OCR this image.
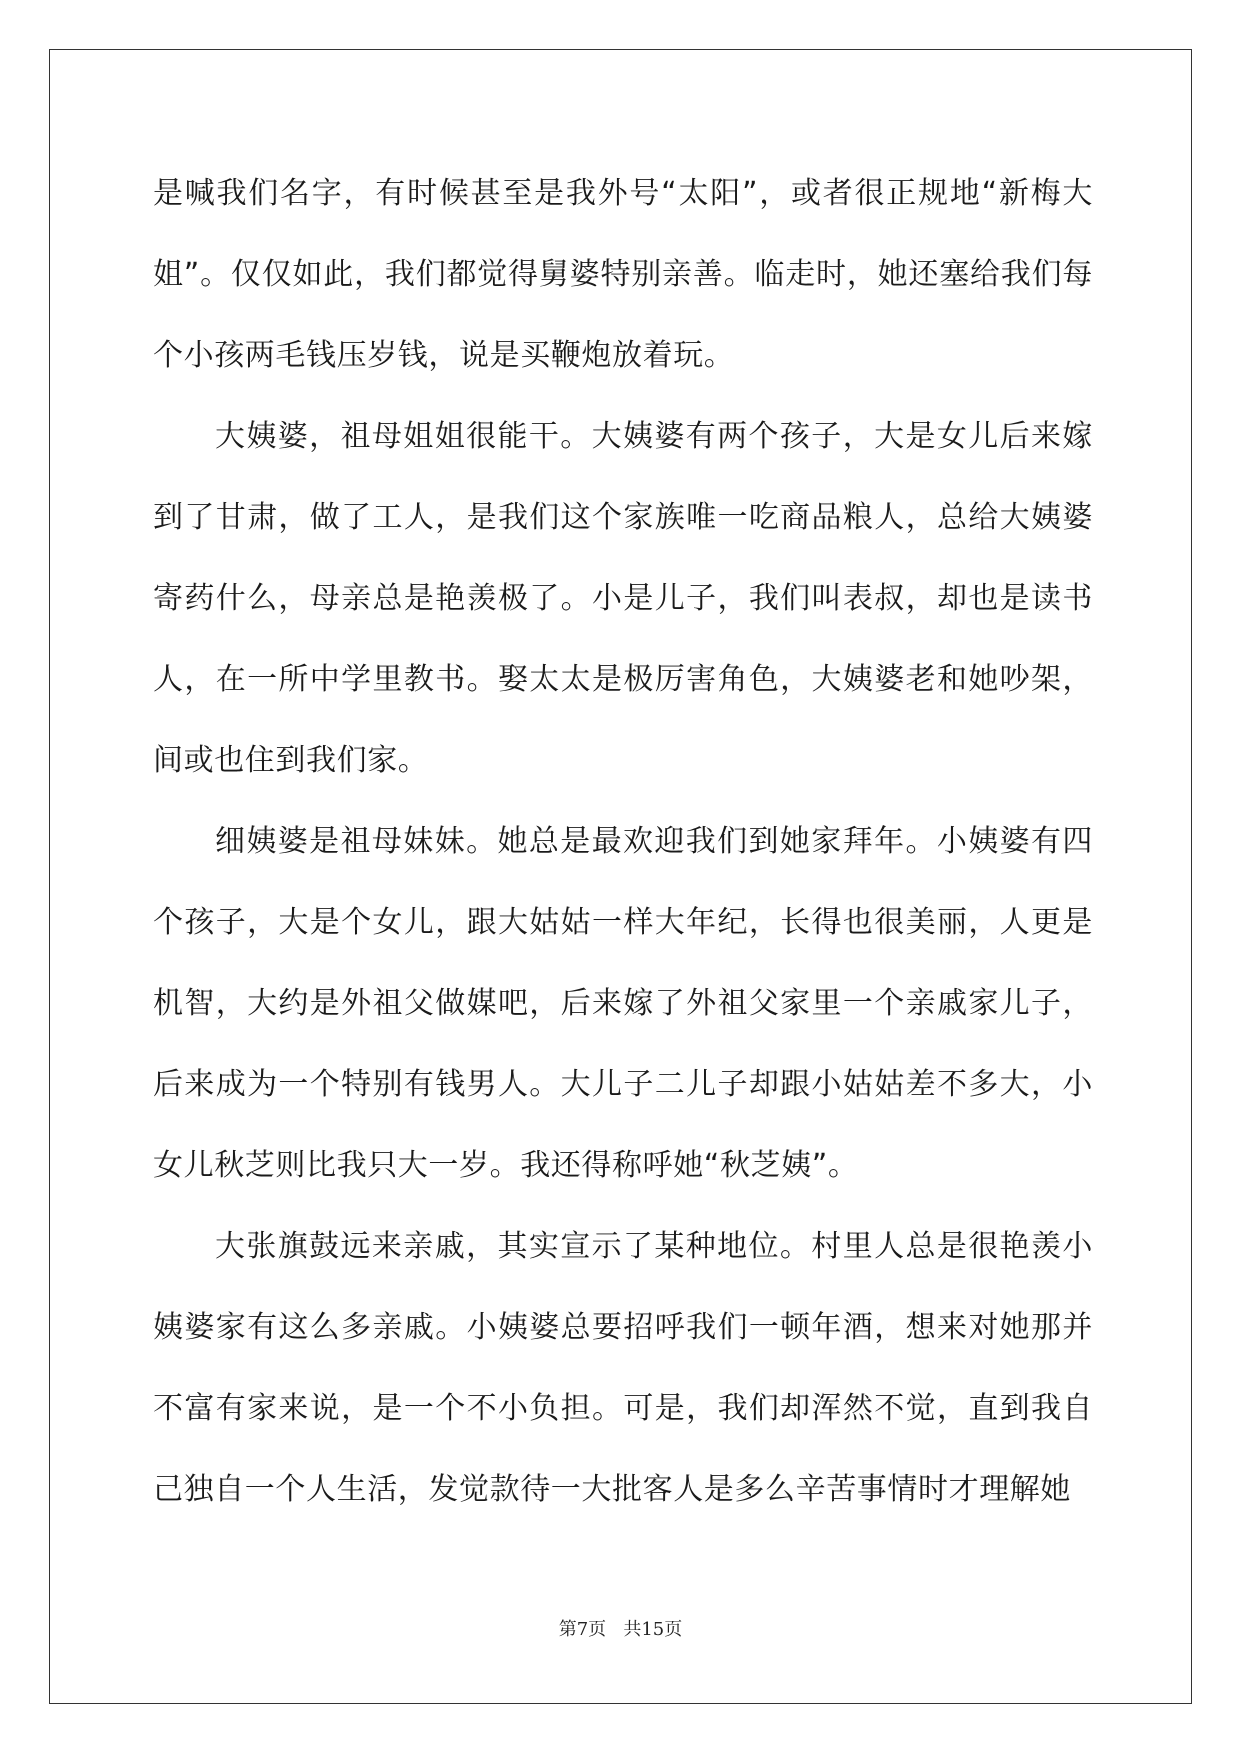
是喊我们名字，有时候甚至是我外号“太阳”，或者很正规地“新梅大姐”。仅仅如此，我们都觉得舅婆特别亲善。临走时，她还塞给我们每个小孩两毛钱压岁钱，说是买鞭炮放着玩。

大姨婆，祖母姐姐很能干。大姨婆有两个孩子，大是女儿后来嫁到了甘肃，做了工人，是我们这个家族唯一吃商品粮人，总给大姨婆寄药什么，母亲总是艳羡极了。小是儿子，我们叫表叔，却也是读书人，在一所中学里教书。娶太太是极厉害角色，大姨婆老和她吵架，间或也住到我们家。

细姨婆是祖母妹妹。她总是最欢迎我们到她家拜年。小姨婆有四个孩子，大是个女儿，跟大姑姑一样大年纪，长得也很美丽，人更是机智，大约是外祖父做媒吧，后来嫁了外祖父家里一个亲戚家儿子，后来成为一个特别有钱男人。大儿子二儿子却跟小姑姑差不多大，小女儿秋芝则比我只大一岁。我还得称呼她“秋芝姨”。

大张旗鼓远来亲戚，其实宣示了某种地位。村里人总是很艳羡小姨婆家有这么多亲戚。小姨婆总要招呼我们一顿年酒，想来对她那并不富有家来说，是一个不小负担。可是，我们却浑然不觉，直到我自己独自一个人生活，发觉款待一大批客人是多么辛苦事情时才理解她

第7页 共15页
